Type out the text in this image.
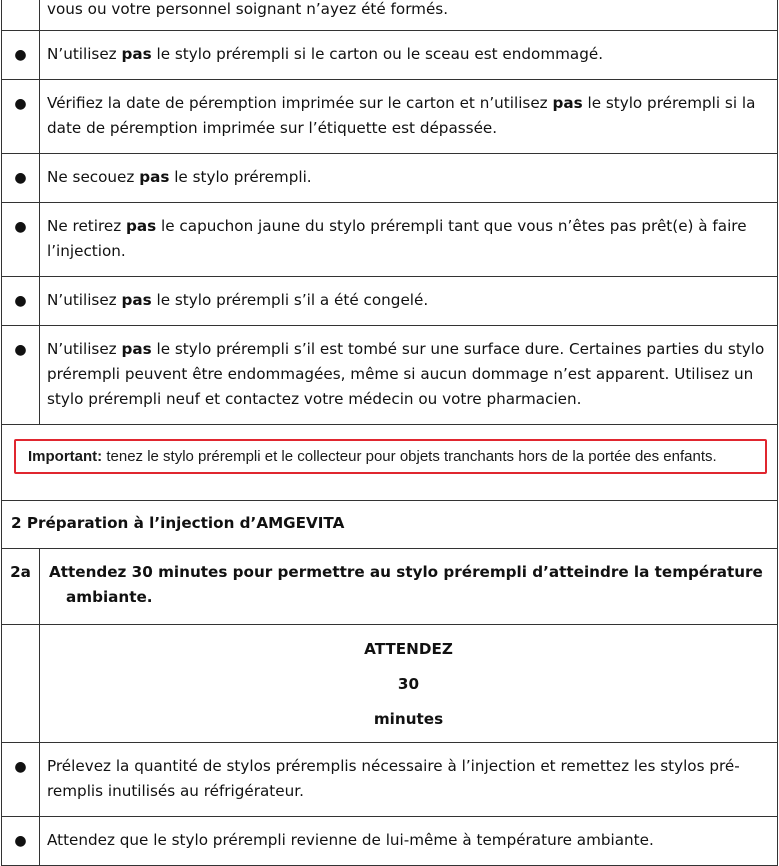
	vous ou votre personnel soignant n’ayez été formés.
●	N’utilisez pas le stylo prérempli si le carton ou le sceau est endommagé.
●	Vérifiez la date de péremption imprimée sur le carton et n’utilisez pas le stylo prérempli si la date de péremption imprimée sur l’étiquette est dépassée.
●	Ne secouez pas le stylo prérempli.
●	Ne retirez pas le capuchon jaune du stylo prérempli tant que vous n’êtes pas prêt(e) à faire l’injection.
●	N’utilisez pas le stylo prérempli s’il a été congelé.
●	N’utilisez pas le stylo prérempli s’il est tombé sur une surface dure. Certaines parties du stylo prérempli peuvent être endommagées, même si aucun dommage n’est apparent. Utilisez un stylo prérempli neuf et contactez votre médecin ou votre pharmacien.

Important: tenez le stylo prérempli et le collecteur pour objets tranchants hors de la portée des enfants.	

2 Préparation à l’injection d’AMGEVITA	
2a	Attendez 30 minutes pour permettre au stylo prérempli d’atteindre la température
ambiante.

	ATTENDEZ
30
minutes

●	Prélevez la quantité de stylos préremplis nécessaire à l’injection et remettez les stylos pré-remplis inutilisés au réfrigérateur.
●	Attendez que le stylo prérempli revienne de lui-même à température ambiante.
